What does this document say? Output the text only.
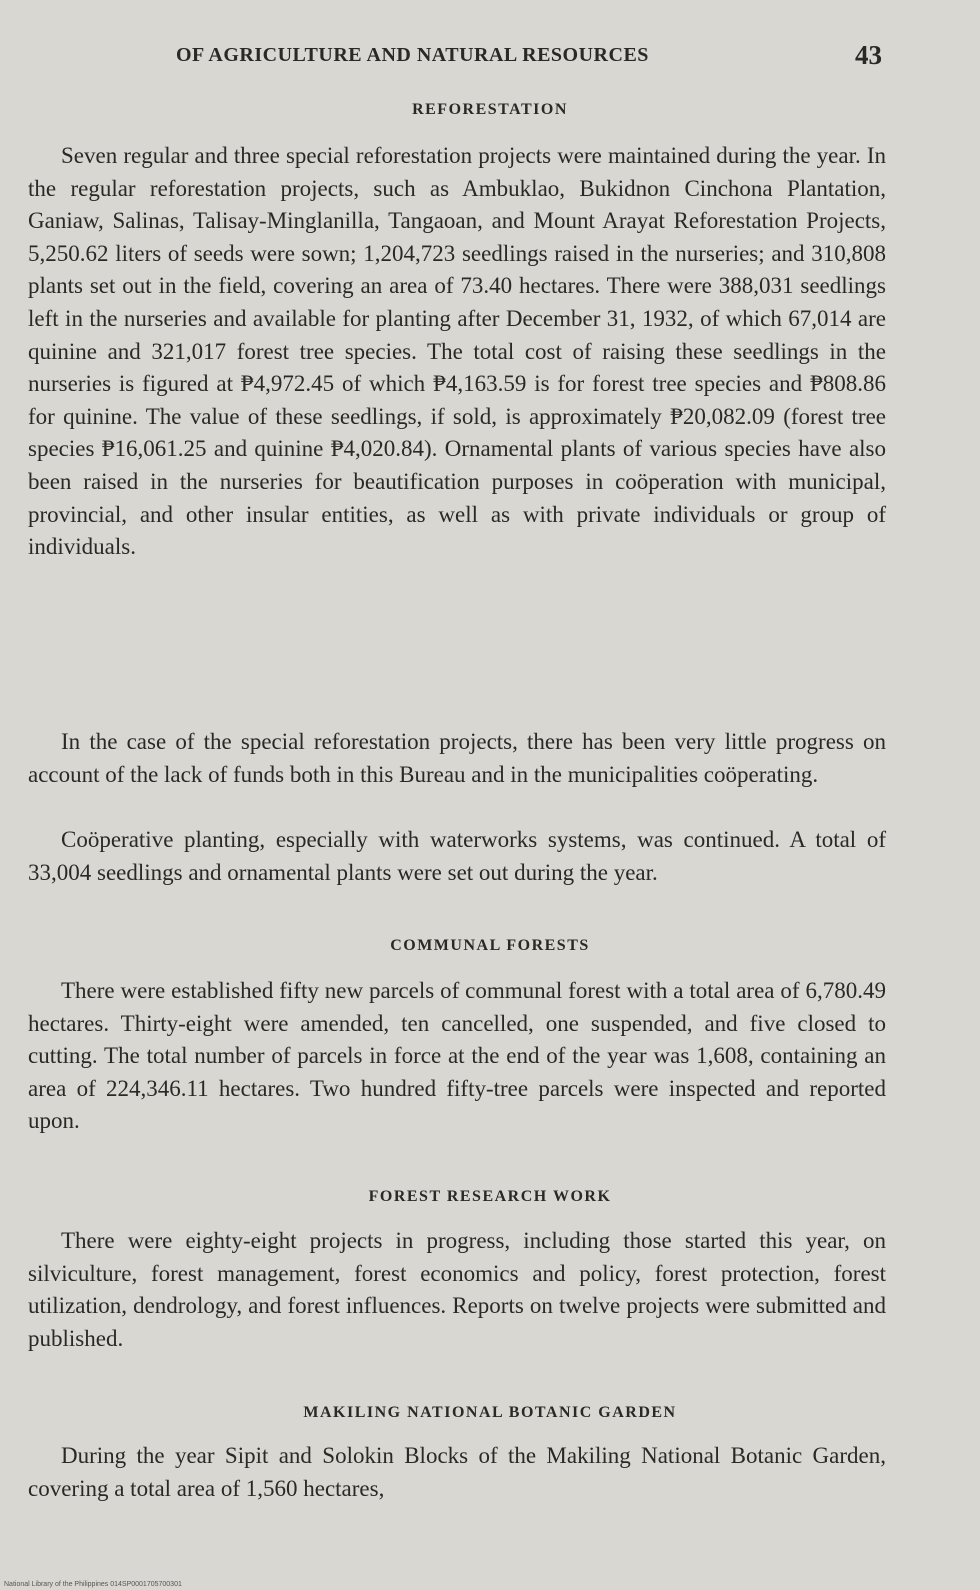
OF AGRICULTURE AND NATURAL RESOURCES	43
REFORESTATION

Seven regular and three special reforestation projects were maintained during the year. In the regular reforestation projects, such as Ambuklao, Bukidnon Cinchona Plantation, Ganiaw, Salinas, Talisay-Minglanilla, Tangaoan, and Mount Arayat Reforestation Projects, 5,250.62 liters of seeds were sown; 1,204,723 seedlings raised in the nurseries; and 310,808 plants set out in the field, covering an area of 73.40 hectares. There were 388,031 seedlings left in the nurseries and available for planting after December 31, 1932, of which 67,014 are quinine and 321,017 forest tree species. The total cost of raising these seedlings in the nurseries is figured at ₱4,972.45 of which ₱4,163.59 is for forest tree species and ₱808.86 for quinine. The value of these seedlings, if sold, is approximately ₱20,082.09 (forest tree species ₱16,061.25 and quinine ₱4,020.84). Ornamental plants of various species have also been raised in the nurseries for beautification purposes in coöperation with municipal, provincial, and other insular entities, as well as with private individuals or group of individuals.

In the case of the special reforestation projects, there has been very little progress on account of the lack of funds both in this Bureau and in the municipalities coöperating.

Coöperative planting, especially with waterworks systems, was continued. A total of 33,004 seedlings and ornamental plants were set out during the year.

COMMUNAL FORESTS

There were established fifty new parcels of communal forest with a total area of 6,780.49 hectares. Thirty-eight were amended, ten cancelled, one suspended, and five closed to cutting. The total number of parcels in force at the end of the year was 1,608, containing an area of 224,346.11 hectares. Two hundred fifty-tree parcels were inspected and reported upon.

FOREST RESEARCH WORK

There were eighty-eight projects in progress, including those started this year, on silviculture, forest management, forest economics and policy, forest protection, forest utilization, dendrology, and forest influences. Reports on twelve projects were submitted and published.

MAKILING NATIONAL BOTANIC GARDEN

During the year Sipit and Solokin Blocks of the Makiling National Botanic Garden, covering a total area of 1,560 hectares,

National Library of the Philippines 014SP0001705700301
